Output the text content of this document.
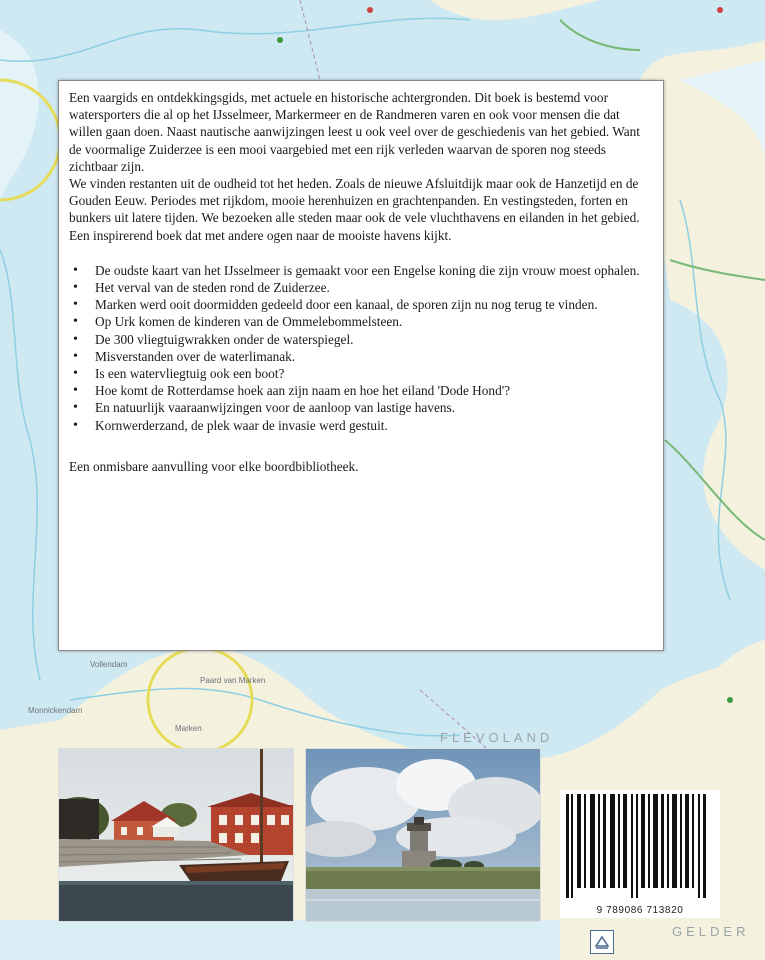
Vollendam
Monnickendam
Paard van Marken
Marken
FLEVOLAND
GELDER

Een vaargids en ontdekkingsgids, met actuele en historische achtergronden. Dit boek is bestemd voor watersporters die al op het IJsselmeer, Markermeer en de Randmeren varen en ook voor mensen die dat willen gaan doen. Naast nautische aanwijzingen leest u ook veel over de geschiedenis van het gebied. Want de voormalige Zuiderzee is een mooi vaargebied met een rijk verleden waarvan de sporen nog steeds zichtbaar zijn.

We vinden restanten uit de oudheid tot het heden. Zoals de nieuwe Afsluitdijk maar ook de Hanzetijd en de Gouden Eeuw. Periodes met rijkdom, mooie herenhuizen en grachtenpanden. En vestingsteden, forten en bunkers uit latere tijden. We bezoeken alle steden maar ook de vele vluchthavens en eilanden in het gebied. Een inspirerend boek dat met andere ogen naar de mooiste havens kijkt.

• De oudste kaart van het IJsselmeer is gemaakt voor een Engelse koning die zijn vrouw moest ophalen.
• Het verval van de steden rond de Zuiderzee.
• Marken werd ooit doormidden gedeeld door een kanaal, de sporen zijn nu nog terug te vinden.
• Op Urk komen de kinderen van de Ommelebommelsteen.
• De 300 vliegtuigwrakken onder de waterspiegel.
• Misverstanden over de waterlimanak.
• Is een watervliegtuig ook een boot?
• Hoe komt de Rotterdamse hoek aan zijn naam en hoe het eiland 'Dode Hond'?
• En natuurlijk vaaraanwijzingen voor de aanloop van lastige havens.
• Kornwerderzand, de plek waar de invasie werd gestuit.

Een onmisbare aanvulling voor elke boordbibliotheek.

9 789086 713820
